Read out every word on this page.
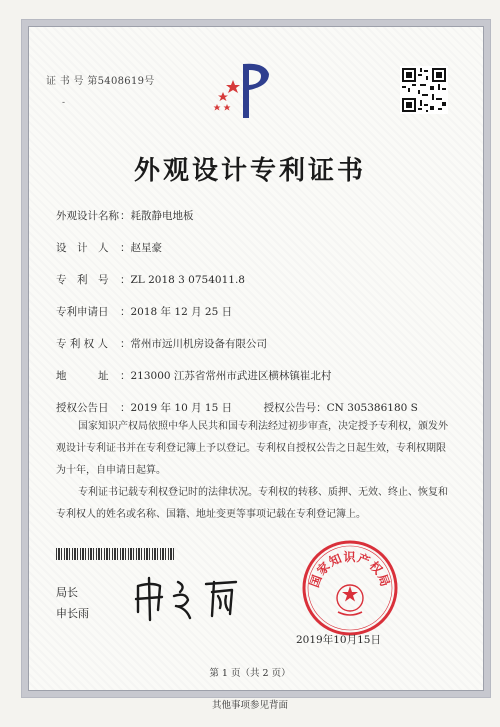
证 书 号 第5408619号
-
外观设计专利证书
外观设计名称：耗散静电地板
设　计　人 ：赵星豪
专　利　号 ：ZL 2018 3 0754011.8
专利申请日 ：2018 年 12 月 25 日
专 利 权 人 ：常州市远川机房设备有限公司
地　　　址 ：213000 江苏省常州市武进区横林镇崔北村
授权公告日 ：2019 年 10 月 15 日　　　授权公告号：CN 305386180 S
国家知识产权局依照中华人民共和国专利法经过初步审查，决定授予专利权，颁发外观设计专利证书并在专利登记簿上予以登记。专利权自授权公告之日起生效，专利权期限为十年，自申请日起算。
专利证书记载专利权登记时的法律状况。专利权的转移、质押、无效、终止、恢复和专利权人的姓名或名称、国籍、地址变更等事项记载在专利登记簿上。
局长
申长雨
国家知识产权局
2019年10月15日
第 1 页（共 2 页）
其他事项参见背面
